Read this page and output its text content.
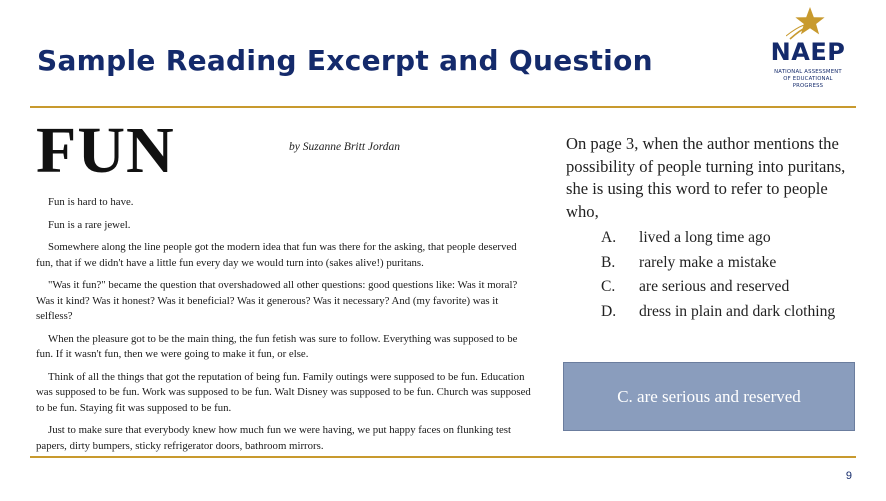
Sample Reading Excerpt and Question	NAEP
NATIONAL ASSESSMENT
OF EDUCATIONAL
PROGRESS
FUN	by Suzanne Britt Jordan

Fun is hard to have.

Fun is a rare jewel.

Somewhere along the line people got the modern idea that fun was there for the asking, that people deserved fun, that if we didn't have a little fun every day we would turn into (sakes alive!) puritans.

"Was it fun?" became the question that overshadowed all other questions: good questions like: Was it moral? Was it kind? Was it honest? Was it beneficial? Was it generous? Was it necessary? And (my favorite) was it selfless?

When the pleasure got to be the main thing, the fun fetish was sure to follow. Everything was supposed to be fun. If it wasn't fun, then we were going to make it fun, or else.

Think of all the things that got the reputation of being fun. Family outings were supposed to be fun. Education was supposed to be fun. Work was supposed to be fun. Walt Disney was supposed to be fun. Church was supposed to be fun. Staying fit was supposed to be fun.

Just to make sure that everybody knew how much fun we were having, we put happy faces on flunking test papers, dirty bumpers, sticky refrigerator doors, bathroom mirrors.

On page 3, when the author mentions the possibility of people turning into puritans, she is using this word to refer to people who,
A.	lived a long time ago
B.	rarely make a mistake
C.	are serious and reserved
D.	dress in plain and dark clothing
C. are serious and reserved
9
